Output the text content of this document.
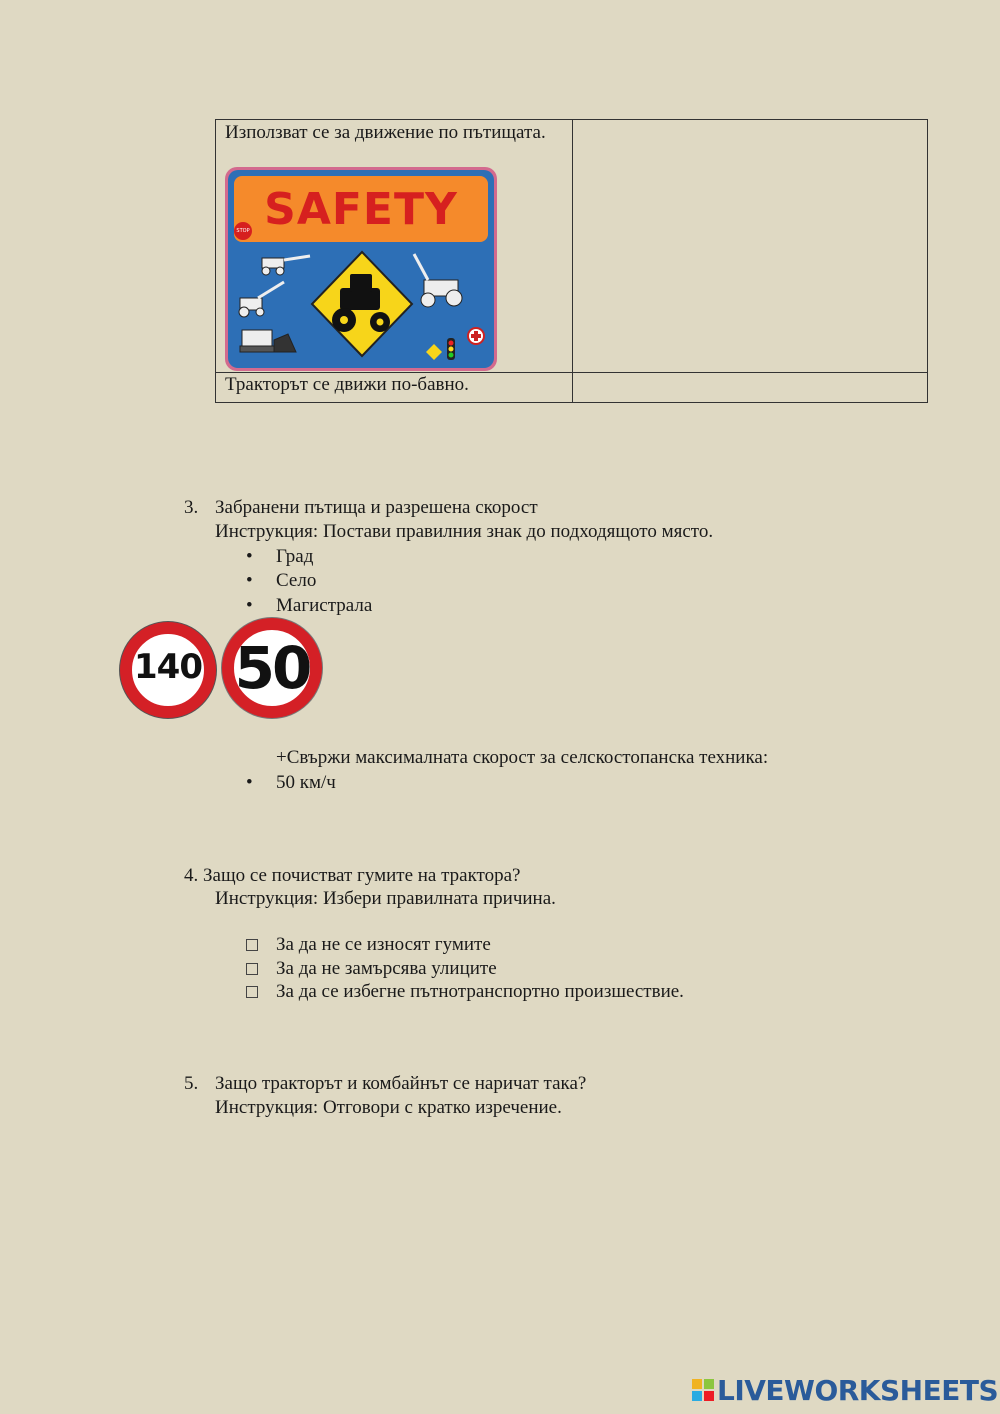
Използват се за движение по пътищата.
SAFETY
STOP
Тракторът се движи по-бавно.
3. Забранени пътища и разрешена скорост
Инструкция: Постави правилния знак до подходящото място.
• Град
• Село
• Магистрала
140 50
+Свържи максималната скорост за селскостопанска техника:
• 50 км/ч
4. Защо се почистват гумите на трактора?
Инструкция: Избери правилната причина.
За да не се износят гумите
За да не замърсява улиците
За да се избегне пътнотранспортно произшествие.
5. Защо тракторът и комбайнът се наричат така?
Инструкция: Отговори с кратко изречение.
LIVEWORKSHEETS
